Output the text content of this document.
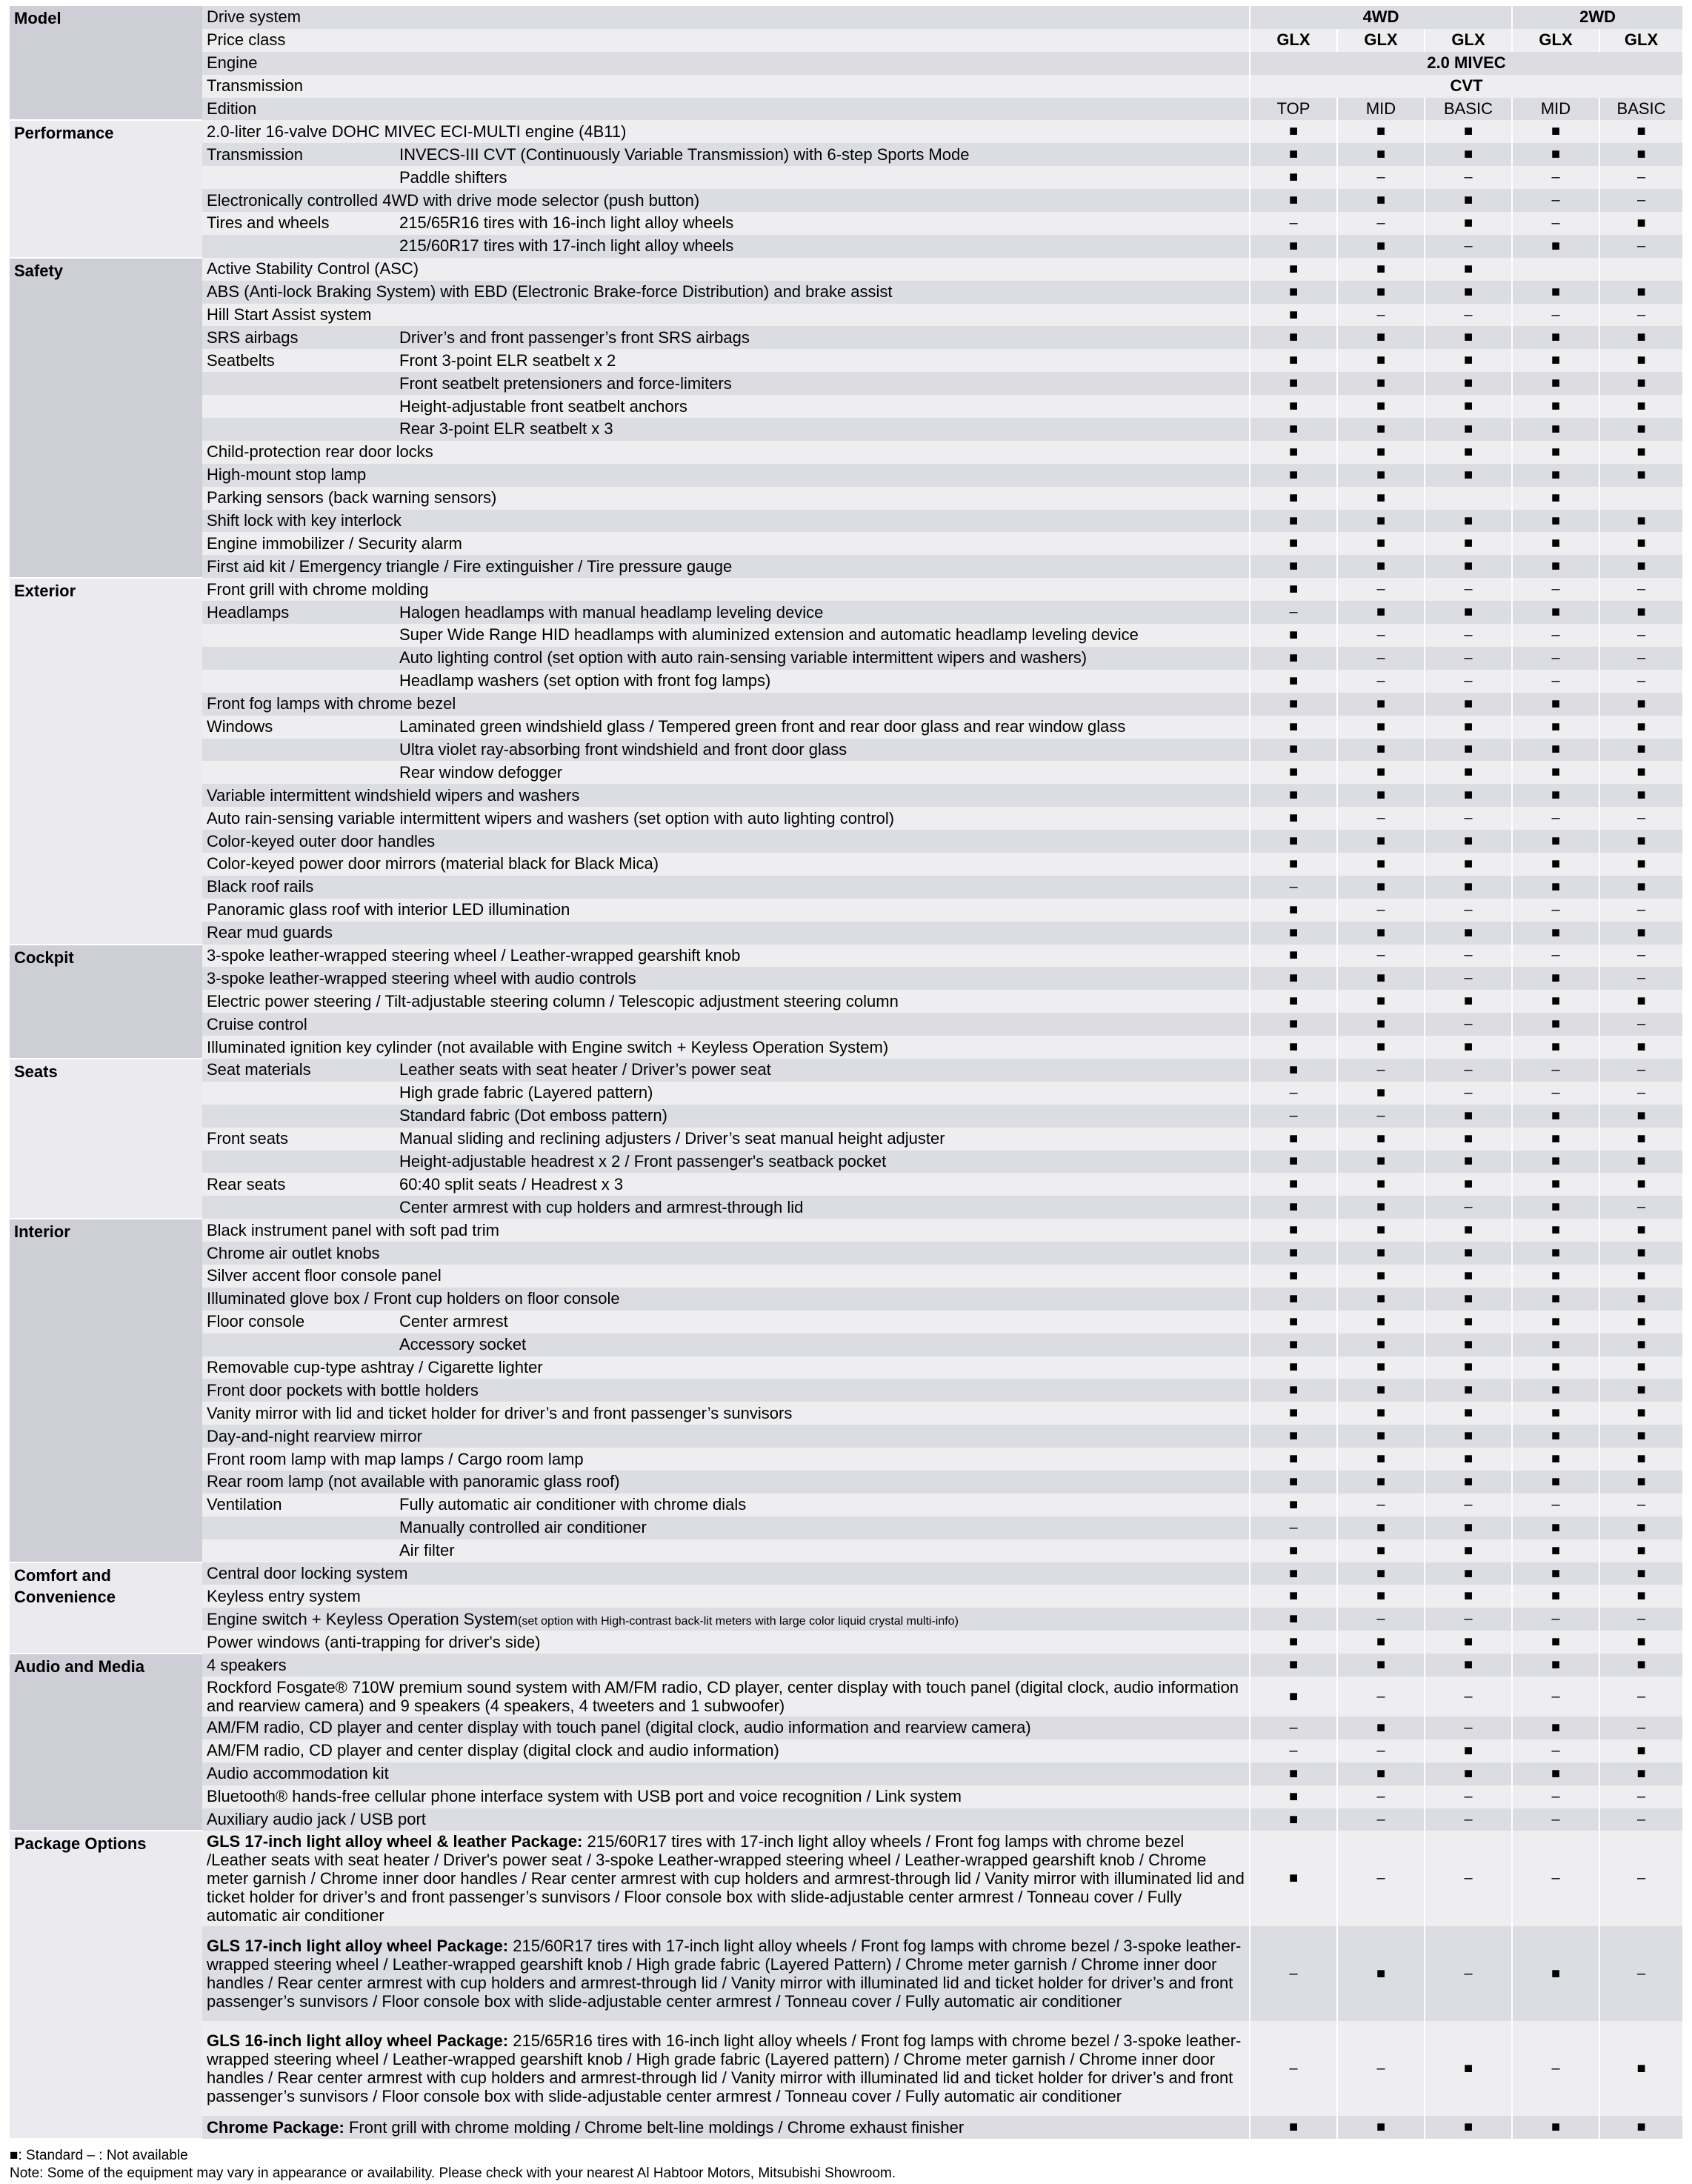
Model	Drive system		4WD			2WD	
	Price class		GLX	GLX	GLX	GLX	GLX
	Engine		2.0 MIVEC				
	Transmission		CVT				
	Edition		TOP	MID	BASIC	MID	BASIC
Performance	2.0-liter 16-valve DOHC MIVEC ECI-MULTI engine (4B11)		■	■	■	■	■
	Transmission	INVECS-III CVT (Continuously Variable Transmission) with 6-step Sports Mode	■	■	■	■	■
		Paddle shifters	■	–	–	–	–
	Electronically controlled 4WD with drive mode selector (push button)		■	■	■	–	–
	Tires and wheels	215/65R16 tires with 16-inch light alloy wheels	–	–	■	–	■
		215/60R17 tires with 17-inch light alloy wheels	■	■	–	■	–
Safety	Active Stability Control (ASC)		■	■	■		
	ABS (Anti-lock Braking System) with EBD (Electronic Brake-force Distribution) and brake assist		■	■	■	■	■
	Hill Start Assist system		■	–	–	–	–
	SRS airbags	Driver’s and front passenger’s front SRS airbags	■	■	■	■	■
	Seatbelts	Front 3-point ELR seatbelt x 2	■	■	■	■	■
		Front seatbelt pretensioners and force-limiters	■	■	■	■	■
		Height-adjustable front seatbelt anchors	■	■	■	■	■
		Rear 3-point ELR seatbelt x 3	■	■	■	■	■
	Child-protection rear door locks		■	■	■	■	■
	High-mount stop lamp		■	■	■	■	■
	Parking sensors (back warning sensors)		■	■		■	
	Shift lock with key interlock		■	■	■	■	■
	Engine immobilizer / Security alarm		■	■	■	■	■
	First aid kit / Emergency triangle / Fire extinguisher / Tire pressure gauge		■	■	■	■	■
Exterior	Front grill with chrome molding		■	–	–	–	–
	Headlamps	Halogen headlamps with manual headlamp leveling device	–	■	■	■	■
		Super Wide Range HID headlamps with aluminized extension and automatic headlamp leveling device	■	–	–	–	–
		Auto lighting control (set option with auto rain-sensing variable intermittent wipers and washers)	■	–	–	–	–
		Headlamp washers (set option with front fog lamps)	■	–	–	–	–
	Front fog lamps with chrome bezel		■	■	■	■	■
	Windows	Laminated green windshield glass / Tempered green front and rear door glass and rear window glass	■	■	■	■	■
		Ultra violet ray-absorbing front windshield and front door glass	■	■	■	■	■
		Rear window defogger	■	■	■	■	■
	Variable intermittent windshield wipers and washers		■	■	■	■	■
	Auto rain-sensing variable intermittent wipers and washers (set option with auto lighting control)		■	–	–	–	–
	Color-keyed outer door handles		■	■	■	■	■
	Color-keyed power door mirrors (material black for Black Mica)		■	■	■	■	■
	Black roof rails		–	■	■	■	■
	Panoramic glass roof with interior LED illumination		■	–	–	–	–
	Rear mud guards		■	■	■	■	■
Cockpit	3-spoke leather-wrapped steering wheel / Leather-wrapped gearshift knob		■	–	–	–	–
	3-spoke leather-wrapped steering wheel with audio controls		■	■	–	■	–
	Electric power steering / Tilt-adjustable steering column / Telescopic adjustment steering column		■	■	■	■	■
	Cruise control		■	■	–	■	–
	Illuminated ignition key cylinder (not available with Engine switch + Keyless Operation System)		■	■	■	■	■
Seats	Seat materials	Leather seats with seat heater / Driver’s power seat	■	–	–	–	–
		High grade fabric (Layered pattern)	–	■	–	–	–
		Standard fabric (Dot emboss pattern)	–	–	■	■	■
	Front seats	Manual sliding and reclining adjusters / Driver’s seat manual height adjuster	■	■	■	■	■
		Height-adjustable headrest x 2 / Front passenger's seatback pocket	■	■	■	■	■
	Rear seats	60:40 split seats / Headrest x 3	■	■	■	■	■
		Center armrest with cup holders and armrest-through lid	■	■	–	■	–
Interior	Black instrument panel with soft pad trim		■	■	■	■	■
	Chrome air outlet knobs		■	■	■	■	■
	Silver accent floor console panel		■	■	■	■	■
	Illuminated glove box / Front cup holders on floor console		■	■	■	■	■
	Floor console	Center armrest	■	■	■	■	■
		Accessory socket	■	■	■	■	■
	Removable cup-type ashtray / Cigarette lighter		■	■	■	■	■
	Front door pockets with bottle holders		■	■	■	■	■
	Vanity mirror with lid and ticket holder for driver’s and front passenger’s sunvisors		■	■	■	■	■
	Day-and-night rearview mirror		■	■	■	■	■
	Front room lamp with map lamps / Cargo room lamp		■	■	■	■	■
	Rear room lamp (not available with panoramic glass roof)		■	■	■	■	■
	Ventilation	Fully automatic air conditioner with chrome dials	■	–	–	–	–
		Manually controlled air conditioner	–	■	■	■	■
		Air filter	■	■	■	■	■
Comfort and Convenience	Central door locking system		■	■	■	■	■
	Keyless entry system		■	■	■	■	■
	Engine switch + Keyless Operation System(set option with High-contrast back-lit meters with large color liquid crystal multi-info)		■	–	–	–	–
	Power windows (anti-trapping for driver's side)		■	■	■	■	■
Audio and Media	4 speakers		■	■	■	■	■
	Rockford Fosgate® 710W premium sound system with AM/FM radio, CD player, center display with touch panel (digital clock, audio information and rearview camera) and 9 speakers (4 speakers, 4 tweeters and 1 subwoofer)		■	–	–	–	–
	AM/FM radio, CD player and center display with touch panel (digital clock, audio information and rearview camera)		–	■	–	■	–
	AM/FM radio, CD player and center display (digital clock and audio information)		–	–	■	–	■
	Audio accommodation kit		■	■	■	■	■
	Bluetooth® hands-free cellular phone interface system with USB port and voice recognition / Link system		■	–	–	–	–
	Auxiliary audio jack / USB port		■	–	–	–	–
Package Options	GLS 17-inch light alloy wheel & leather Package: 215/60R17 tires with 17-inch light alloy wheels / Front fog lamps with chrome bezel /Leather seats with seat heater / Driver's power seat / 3-spoke Leather-wrapped steering wheel / Leather-wrapped gearshift knob / Chrome meter garnish / Chrome inner door handles / Rear center armrest with cup holders and armrest-through lid / Vanity mirror with illuminated lid and ticket holder for driver’s and front passenger’s sunvisors / Floor console box with slide-adjustable center armrest / Tonneau cover / Fully automatic air conditioner		■	–	–	–	–
	GLS 17-inch light alloy wheel Package: 215/60R17 tires with 17-inch light alloy wheels / Front fog lamps with chrome bezel / 3-spoke leather-wrapped steering wheel / Leather-wrapped gearshift knob / High grade fabric (Layered Pattern) / Chrome meter garnish / Chrome inner door handles / Rear center armrest with cup holders and armrest-through lid / Vanity mirror with illuminated lid and ticket holder for driver’s and front passenger’s sunvisors / Floor console box with slide-adjustable center armrest / Tonneau cover / Fully automatic air conditioner		–	■	–	■	–
	GLS 16-inch light alloy wheel Package: 215/65R16 tires with 16-inch light alloy wheels / Front fog lamps with chrome bezel / 3-spoke leather-wrapped steering wheel / Leather-wrapped gearshift knob / High grade fabric (Layered pattern) / Chrome meter garnish / Chrome inner door handles / Rear center armrest with cup holders and armrest-through lid / Vanity mirror with illuminated lid and ticket holder for driver’s and front passenger’s sunvisors / Floor console box with slide-adjustable center armrest / Tonneau cover / Fully automatic air conditioner		–	–	■	–	■
	Chrome Package: Front grill with chrome molding / Chrome belt-line moldings / Chrome exhaust finisher		■	■	■	■	■
■: Standard – : Not available
Note: Some of the equipment may vary in appearance or availability. Please check with your nearest Al Habtoor Motors, Mitsubishi Showroom.
